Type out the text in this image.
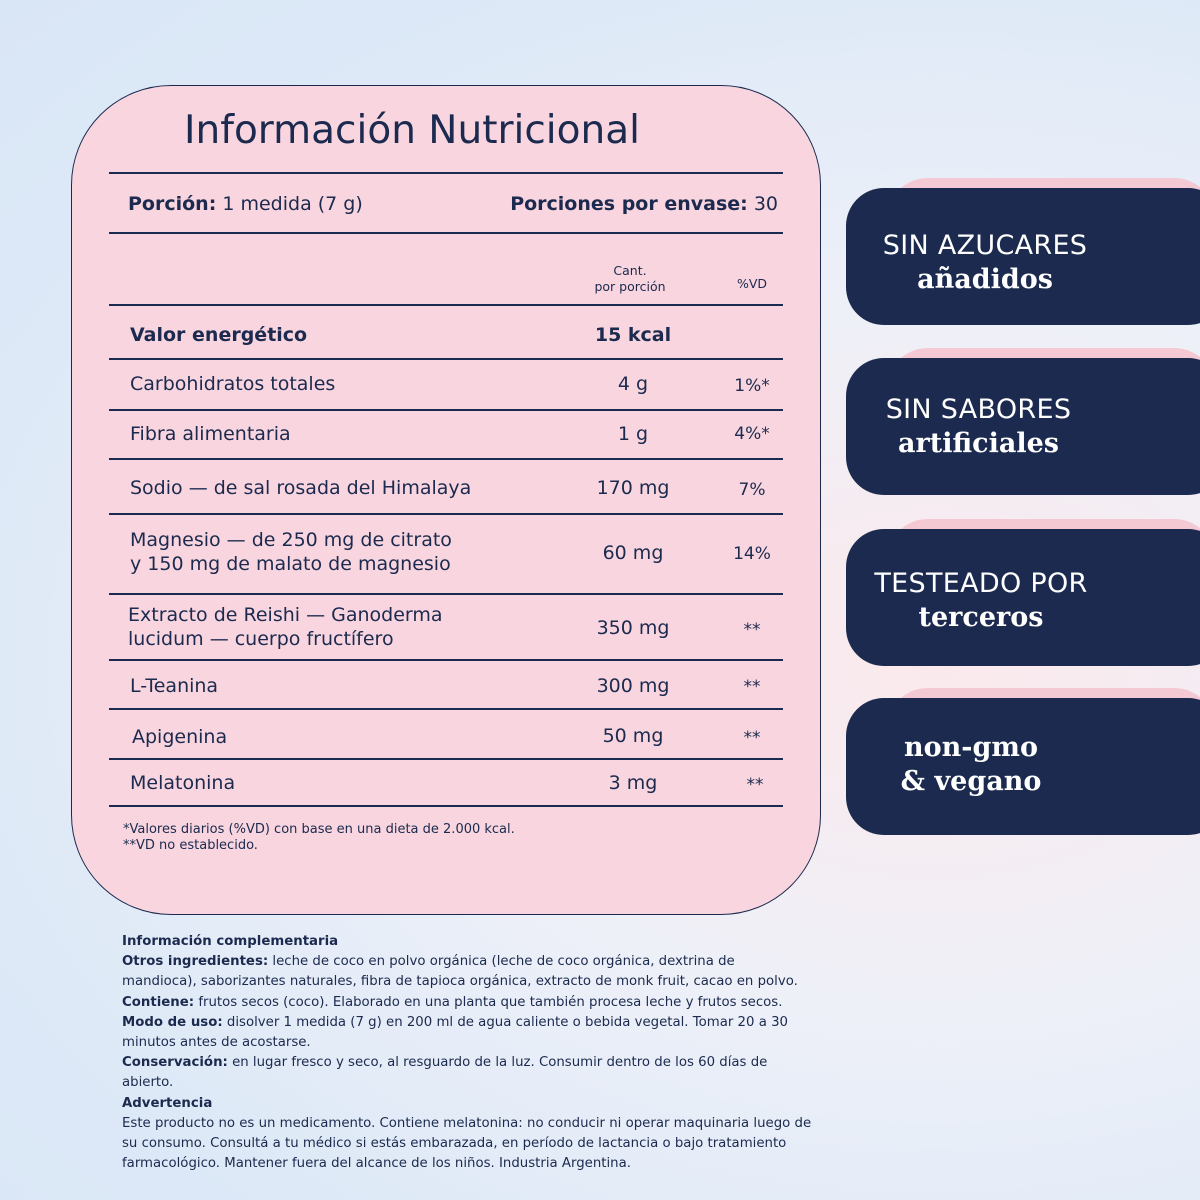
Información Nutricional
Porción: 1 medida (7 g)	Porciones por envase: 30
Cant.
por porción	%VD
Valor energético	15 kcal
Carbohidratos totales	4 g	1%*
Fibra alimentaria	1 g	4%*
Sodio — de sal rosada del Himalaya	170 mg	7%
Magnesio — de 250 mg de citrato
y 150 mg de malato de magnesio	60 mg	14%
Extracto de Reishi — Ganoderma
lucidum — cuerpo fructífero	350 mg	**
L-Teanina	300 mg	**
Apigenina	50 mg	**
Melatonina	3 mg	**
*Valores diarios (%VD) con base en una dieta de 2.000 kcal.
**VD no establecido.

Información complementaria

Otros ingredientes: leche de coco en polvo orgánica (leche de coco orgánica, dextrina de mandioca), saborizantes naturales, fibra de tapioca orgánica, extracto de monk fruit, cacao en polvo.

Contiene: frutos secos (coco). Elaborado en una planta que también procesa leche y frutos secos.

Modo de uso: disolver 1 medida (7 g) en 200 ml de agua caliente o bebida vegetal. Tomar 20 a 30 minutos antes de acostarse.

Conservación: en lugar fresco y seco, al resguardo de la luz. Consumir dentro de los 60 días de abierto.

Advertencia

Este producto no es un medicamento. Contiene melatonina: no conducir ni operar maquinaria luego de su consumo. Consultá a tu médico si estás embarazada, en período de lactancia o bajo tratamiento farmacológico. Mantener fuera del alcance de los niños. Industria Argentina.

SIN AZUCARES
añadidos
SIN SABORES
artificiales
TESTEADO POR
terceros
non-gmo
& vegano
